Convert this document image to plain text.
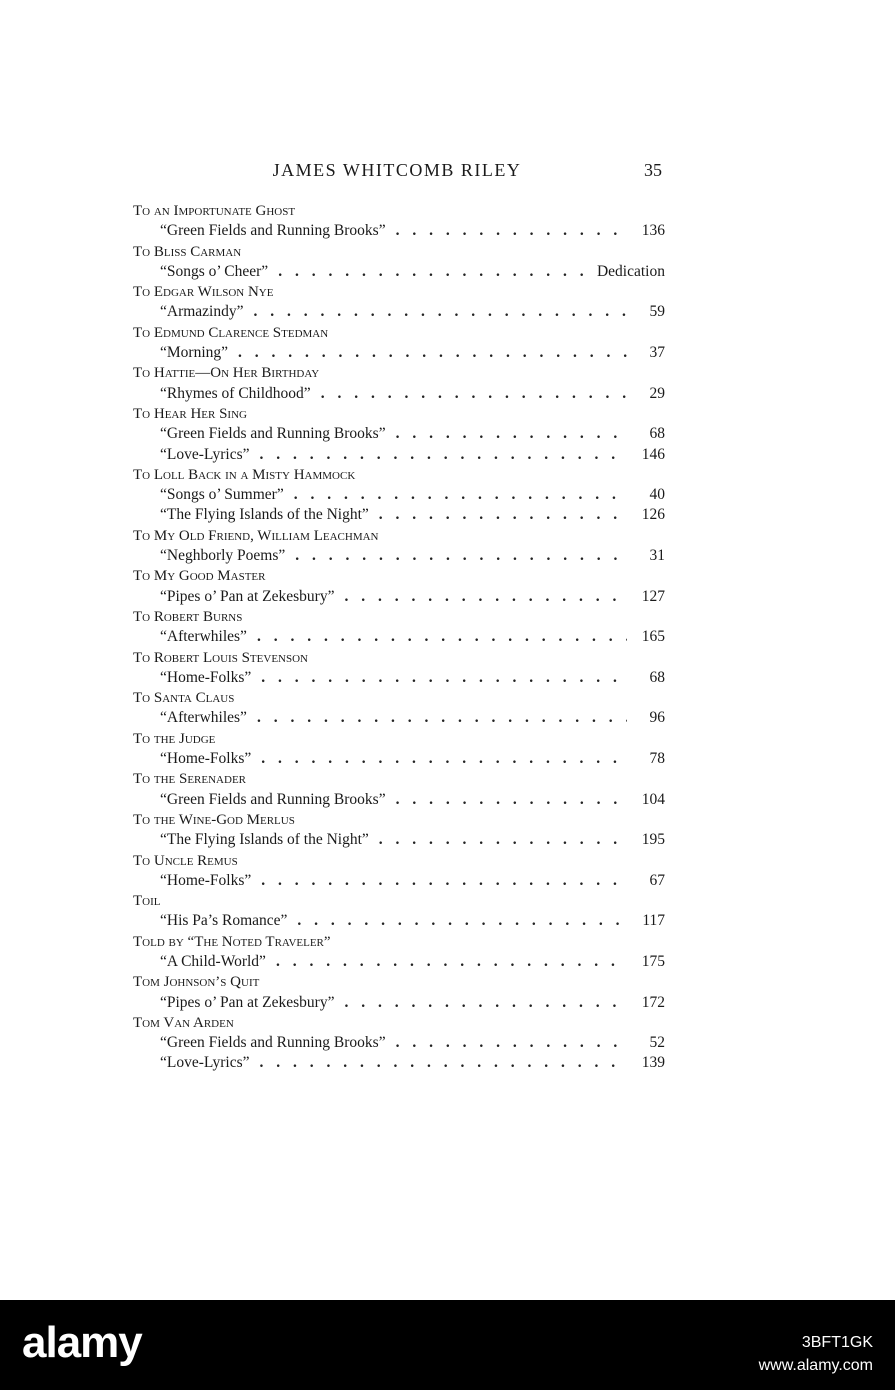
JAMES WHITCOMB RILEY	35
To an Importunate Ghost
“Green Fields and Running Brooks” . . .	136
To Bliss Carman
“Songs o’ Cheer” . . .	Dedication
To Edgar Wilson Nye
“Armazindy” . . .	59
To Edmund Clarence Stedman
“Morning” . . .	37
To Hattie—On Her Birthday
“Rhymes of Childhood” . . .	29
To Hear Her Sing
“Green Fields and Running Brooks” . . .	68
“Love-Lyrics” . . .	146
To Loll Back in a Misty Hammock
“Songs o’ Summer” . . .	40
“The Flying Islands of the Night” . . .	126
To My Old Friend, William Leachman
“Neghborly Poems” . . .	31
To My Good Master
“Pipes o’ Pan at Zekesbury” . . .	127
To Robert Burns
“Afterwhiles” . . .	165
To Robert Louis Stevenson
“Home-Folks” . . .	68
To Santa Claus
“Afterwhiles” . . .	96
To the Judge
“Home-Folks” . . .	78
To the Serenader
“Green Fields and Running Brooks” . . .	104
To the Wine-God Merlus
“The Flying Islands of the Night” . . .	195
To Uncle Remus
“Home-Folks” . . .	67
Toil
“His Pa’s Romance” . . .	117
Told by “The Noted Traveler”
“A Child-World” . . .	175
Tom Johnson’s Quit
“Pipes o’ Pan at Zekesbury” . . .	172
Tom Van Arden
“Green Fields and Running Brooks” . . .	52
“Love-Lyrics” . . .	139
alamy	3BFT1GK
www.alamy.com
